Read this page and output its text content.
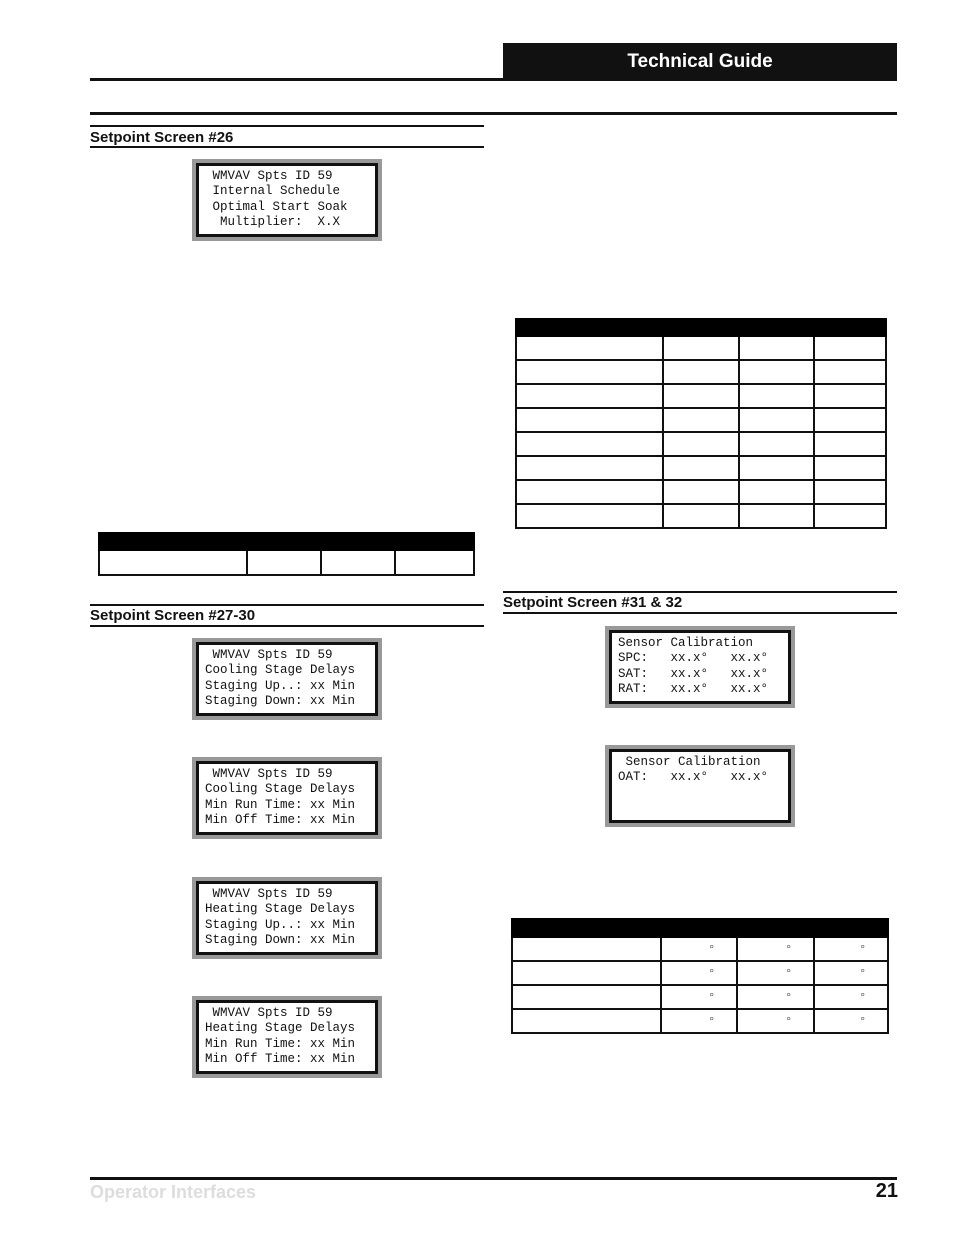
Technical Guide
Setpoint Screen #26
Setpoint Screen #27-30
Setpoint Screen #31 & 32
WMVAV Spts ID 59
Internal Schedule
Optimal Start Soak
Multiplier:  X.X
WMVAV Spts ID 59
Cooling Stage Delays
Staging Up..: xx Min
Staging Down: xx Min
WMVAV Spts ID 59
Cooling Stage Delays
Min Run Time: xx Min
Min Off Time: xx Min
WMVAV Spts ID 59
Heating Stage Delays
Staging Up..: xx Min
Staging Down: xx Min
WMVAV Spts ID 59
Heating Stage Delays
Min Run Time: xx Min
Min Off Time: xx Min
Sensor Calibration
SPC:   xx.x°   xx.x°
SAT:   xx.x°   xx.x°
RAT:   xx.x°   xx.x°
Sensor Calibration
OAT:   xx.x°   xx.x°

	°	°	°
	°	°	°
	°	°	°
	°	°	°
Operator Interfaces	21
